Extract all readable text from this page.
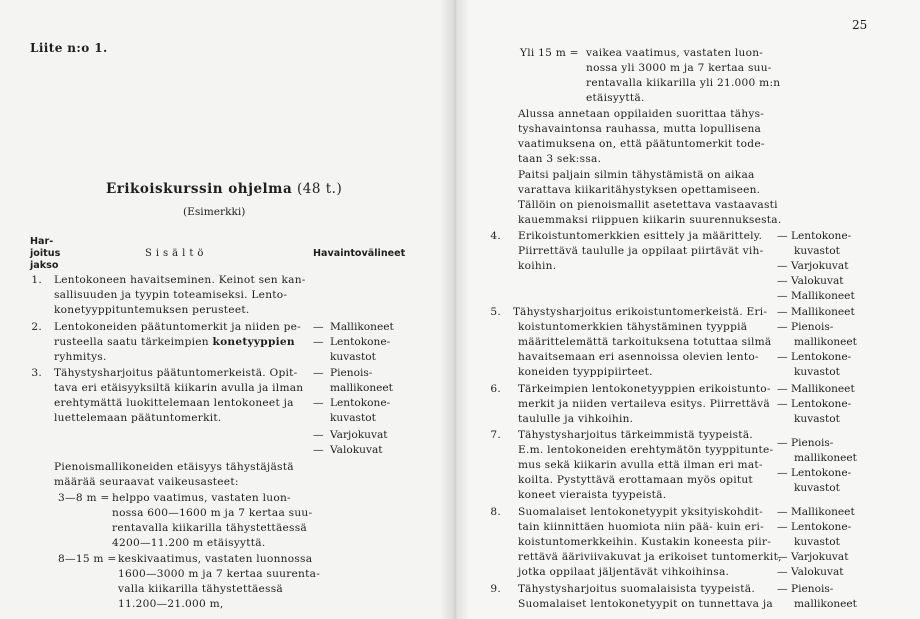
Liite n:o 1.
Erikoiskurssin ohjelma (48 t.)
(Esimerkki)
Har-
joitus
jakso
Sisältö	Havaintovälineet
1. Lentokoneen havaitseminen. Keinot sen kan-
sallisuuden ja tyypin toteamiseksi. Lento-
konetyyppituntemuksen perusteet.
2. Lentokoneiden päätuntomerkit ja niiden pe-
rusteella saatu tärkeimpien konetyyppien
ryhmitys.
3. Tähystysharjoitus päätuntomerkeistä. Opit-
tava eri etäisyyksiltä kiikarin avulla ja ilman
erehtymättä luokittelemaan lentokoneet ja
luettelemaan päätuntomerkit.
— Mallikoneet
— Lentokone-
kuvastot
— Pienois-
mallikoneet
— Lentokone-
kuvastot
— Varjokuvat
— Valokuvat
Pienoismallikoneiden etäisyys tähystäjästä
määrää seuraavat vaikeusasteet:
3—8 m = helppo vaatimus, vastaten luon-
nossa 600—1600 m ja 7 kertaa suu-
rentavalla kiikarilla tähystettäessä
4200—11.200 m etäisyyttä.
8—15 m = keskivaatimus, vastaten luonnossa
1600—3000 m ja 7 kertaa suurenta-
valla kiikarilla tähystettäessä
11.200—21.000 m,
25
Yli 15 m = vaikea vaatimus, vastaten luon-
nossa yli 3000 m ja 7 kertaa suu-
rentavalla kiikarilla yli 21.000 m:n
etäisyyttä.
Alussa annetaan oppilaiden suorittaa tähys-
tyshavaintonsa rauhassa, mutta lopullisena
vaatimuksena on, että päätuntomerkit tode-
taan 3 sek:ssa.
Paitsi paljain silmin tähystämistä on aikaa
varattava kiikaritähystyksen opettamiseen.
Tällöin on pienoismallit asetettava vastaavasti
kauemmaksi riippuen kiikarin suurennuksesta.
4. Erikoistuntomerkkien esittely ja määrittely.
Piirrettävä taululle ja oppilaat piirtävät vih-
koihin.
— Lentokone-
kuvastot
— Varjokuvat
— Valokuvat
— Mallikoneet
5. Tähystysharjoitus erikoistuntomerkeistä. Eri-
koistuntomerkkien tähystäminen tyyppiä
määrittelemättä tarkoituksena totuttaa silmä
havaitsemaan eri asennoissa olevien lento-
koneiden tyyppipiirteet.
— Mallikoneet
— Pienois-
mallikoneet
— Lentokone-
kuvastot
6. Tärkeimpien lentokonetyyppien erikoistunto-
merkit ja niiden vertaileva esitys. Piirrettävä
taululle ja vihkoihin.
— Mallikoneet
— Lentokone-
kuvastot
7. Tähystysharjoitus tärkeimmistä tyypeistä.
E.m. lentokoneiden erehtymätön tyyppitunte-
mus sekä kiikarin avulla että ilman eri mat-
koilta. Pystyttävä erottamaan myös opitut
koneet vieraista tyypeistä.
— Pienois-
mallikoneet
— Lentokone-
kuvastot
8. Suomalaiset lentokonetyypit yksityiskohdit-
tain kiinnittäen huomiota niin pää- kuin eri-
koistuntomerkkeihin. Kustakin koneesta piir-
rettävä ääriviivakuvat ja erikoiset tuntomerkit,
jotka oppilaat jäljentävät vihkoihinsa.
— Mallikoneet
— Lentokone-
kuvastot
— Varjokuvat
— Valokuvat
9. Tähystysharjoitus suomalaisista tyypeistä.
Suomalaiset lentokonetyypit on tunnettava ja
— Pienois-
mallikoneet
